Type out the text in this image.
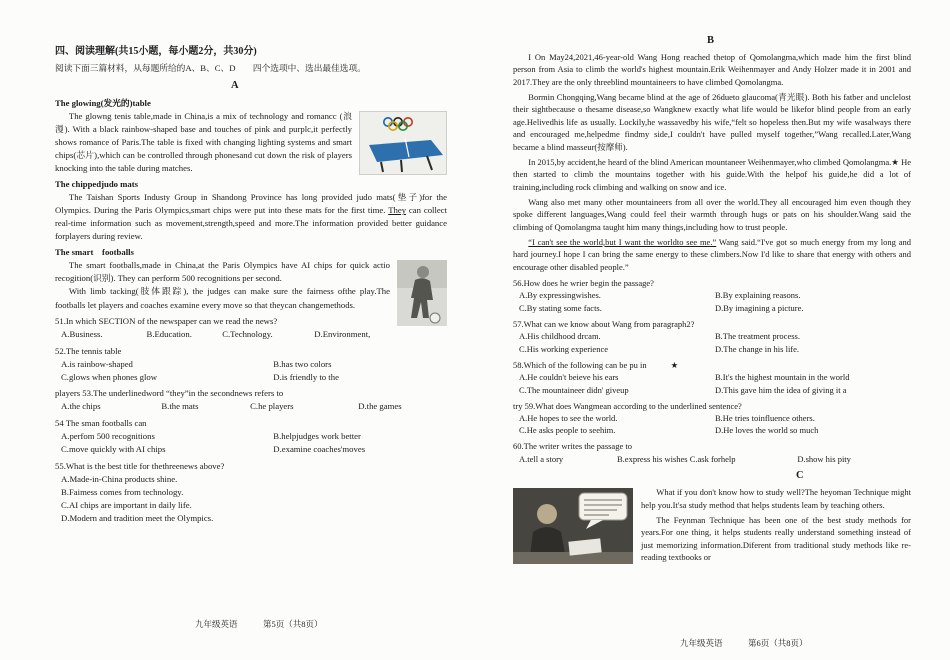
四、阅读理解(共15小题，每小题2分，共30分)
阅读下面三篇材料，从每题所给的A、B、C、D　　四个选项中、选出最佳选项。
A
The glowing(发光的)table
The glowng tenis table,made in China,is a mix of technology and romancc (浪漫). With a black rainbow-shaped base and touches of pink and purplc,it perfectly shows romance of Paris.The table is fixed with changing lighting systems and smart chips(芯片),which can be controlled through phonesand cut down the risk of players knocking into the table during matches.
The chippedjudo mats
The Taishan Sports Industy Group in Shandong Province has long provided judo mats(垫子)for the Olympics. During the Paris Olympics,smart chips were put into these mats for the first time. They can collect real-time information such as movement,strength,speed and more.The information provided better guidance forplayers during review.
The smart　footballs
The smart footballs,made in China,at the Paris Olympics have AI chips for quick actio recogition(识别). They can perform 500 recognitions per second.
With limb tacking(肢体跟踪), the judges can make sure the fairness ofthe play.The footballs let players and coaches examine every move so that theycan changemethods.
51.In which SECTION of the newspaper can we read the news?
A.Business.	B.Education.	C.Technology.	D.Environment,
52.The tennis table
A.is rainbow-shaped	B.has two colors
C.glows when phones glow	D.is friendly to the
players 53.The underlinedword “they”in the secondnews refers to
A.the chips	B.the mats	C.he players	D.the games
54 The sman footballs can
A.perfom 500 recognitions	B.helpjudges work better
C.move quickly with AI chips	D.examine coaches'moves
55.What is the best title for thethreenews above?
A.Made-in-China products shine.
B.Faimess comes from technology.
C.AI chips are important in daily life.
D.Modern and tradition meet the Olympics.
B

I On May24,2021,46-year-old Wang Hong reached thetop of Qomolangma,which made him the first blind person from Asia to climb the world's highest mountain.Erik Weihenmayer and Andy Holzer made it in 2001 and 2017.They are the only threeblind mountaineers to have climbed Qomolangma.

Bormin Chongqing,Wang became blind at the age of 26dueto glaucoma(青光眼). Both his fatber and unclelost their sightbecause o thesame disease,so Wangknew exactly what life would be likefor blind people from an early age.Helivedhis life as usually. Lockily,he wassavedby his wife,“felt so hopeless then.But my wife wasalways there and encouraged me,helpedme findmy side,I couldn't have pulled myself together,”Wang recalled.Later,Wang became a blind masseur(按摩师).

In 2015,by accident,he heard of the blind American mountaneer Weihenmayer,who climbed Qomolangma.★ He then started to climb the mountains together with his guide.With the helpof his guide,he did a lot of training,including rock climbing and walking on snow and ice.

Wang also met many other mountaineers from all over the world.They all encouraged him even though they spoke different languages,Wang could feel their warmth through hugs or pats on his shoulder.Wang said the climbing of Qomolangma taught him many things,including how to trust people.

“I can't see the world,but I want the worldto see me.” Wang said.“I've got so much energy from my long and hard journey.I hope I can bring the same energy to these climbers.Now I'd like to share that energy with others and encourage other disabled people.”

56.How does he wrier begin the passage?
A.By expressingwishes.	B.By explaining reasons.
C.By stating some facts.	D.By imagining a picture.
57.What can we know about Wang from paragraph2?
A.His childhood drcam.	B.The treatment process.
C.His working experience	D.The change in his life.
58.Which of the following can be pu in	★
A.He couldn't beieve his ears	B.It's the highest mountain in the world
C.The mountaineer didn' giveup	D.This gave him the idea of giving it a
try 59.What does Wangmean according to the underlined sentence?
A.He hopes to see the world.	B.He tries toinfluence others.
C.He asks people to seehim.	D.He loves the world so much
60.The writer writes the passage to
A.tell a story	B.express his wishes C.ask forhelp	D.show his pity
C

What if you don't know how to study well?The heyoman Technique might help you.It'sa study method that helps students leam by teaching others.

The Feynman Technique has been one of the best study methods for years.For one thing, it helps students really understand something instead of just memorizing information.Diferent from traditional study methods like re-reading textbooks or

九年级英语　　　第5页（共8页）
九年级英语　　　第6页（共8页）
